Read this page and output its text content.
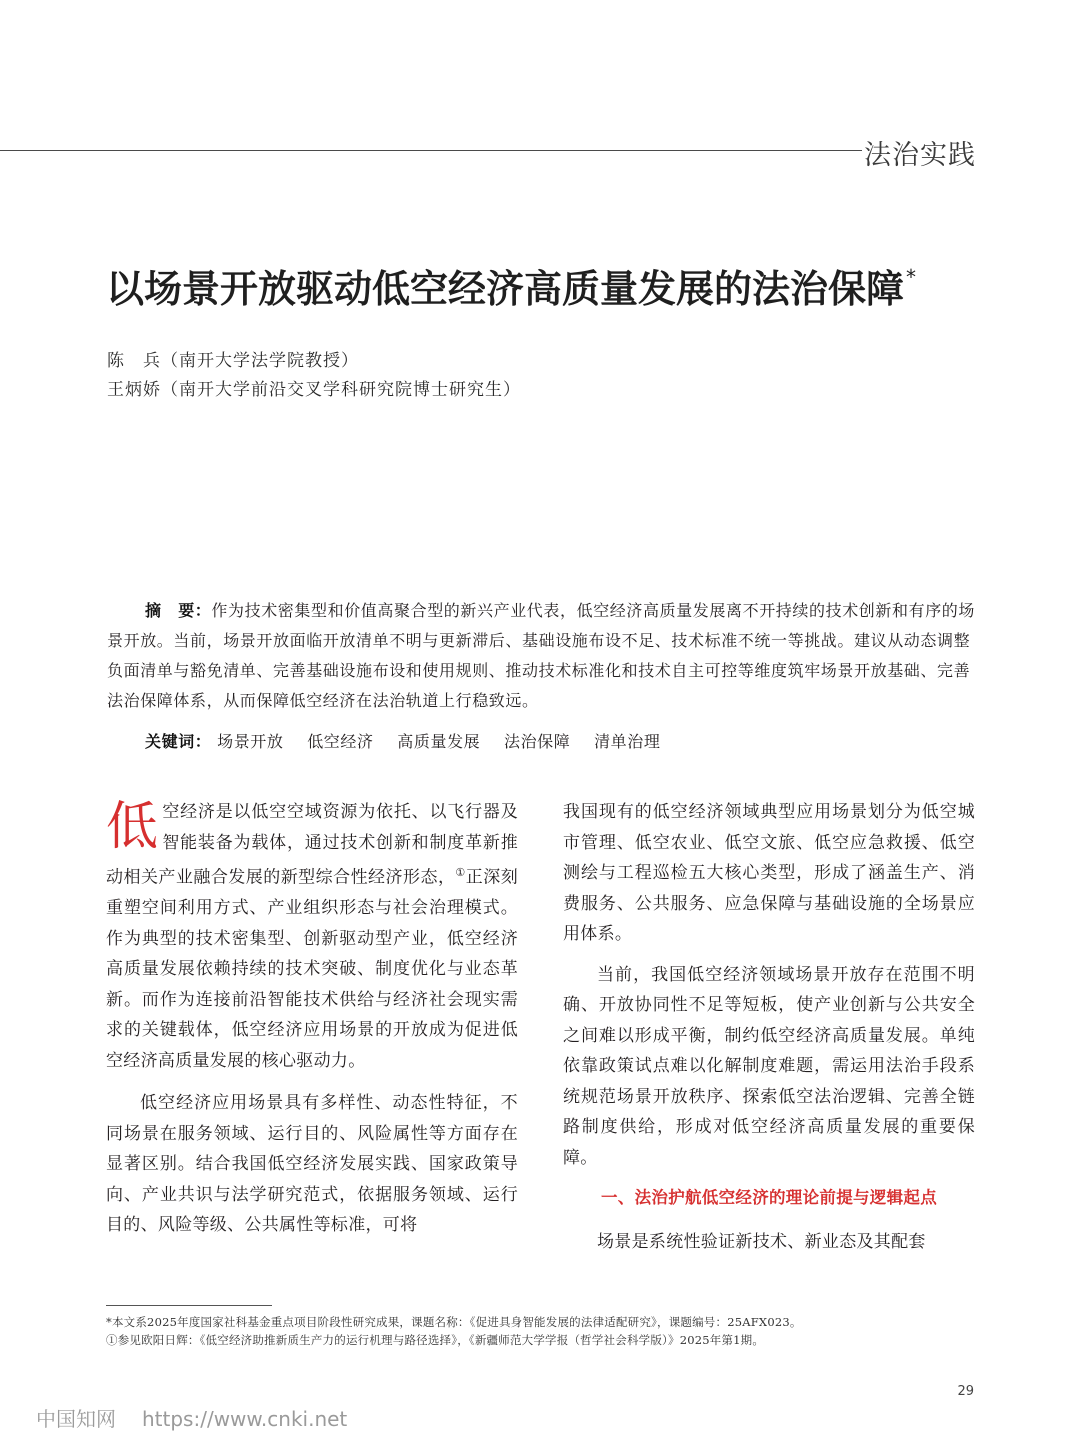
法治实践
以场景开放驱动低空经济高质量发展的法治保障 *
陈　兵（南开大学法学院教授）
王炳娇（南开大学前沿交叉学科研究院博士研究生）
摘　要：作为技术密集型和价值高聚合型的新兴产业代表，低空经济高质量发展离不开持续的技术创新和有序的场景开放。当前，场景开放面临开放清单不明与更新滞后、基础设施布设不足、技术标准不统一等挑战。建议从动态调整负面清单与豁免清单、完善基础设施布设和使用规则、推动技术标准化和技术自主可控等维度筑牢场景开放基础、完善法治保障体系，从而保障低空经济在法治轨道上行稳致远。
关键词： 场景开放 低空经济 高质量发展 法治保障 清单治理

低空经济是以低空空域资源为依托、以飞行器及智能装备为载体，通过技术创新和制度革新推动相关产业融合发展的新型综合性经济形态，①正深刻重塑空间利用方式、产业组织形态与社会治理模式。作为典型的技术密集型、创新驱动型产业，低空经济高质量发展依赖持续的技术突破、制度优化与业态革新。而作为连接前沿智能技术供给与经济社会现实需求的关键载体，低空经济应用场景的开放成为促进低空经济高质量发展的核心驱动力。

低空经济应用场景具有多样性、动态性特征，不同场景在服务领域、运行目的、风险属性等方面存在显著区别。结合我国低空经济发展实践、国家政策导向、产业共识与法学研究范式，依据服务领域、运行目的、风险等级、公共属性等标准，可将

我国现有的低空经济领域典型应用场景划分为低空城市管理、低空农业、低空文旅、低空应急救援、低空测绘与工程巡检五大核心类型，形成了涵盖生产、消费服务、公共服务、应急保障与基础设施的全场景应用体系。

当前，我国低空经济领域场景开放存在范围不明确、开放协同性不足等短板，使产业创新与公共安全之间难以形成平衡，制约低空经济高质量发展。单纯依靠政策试点难以化解制度难题，需运用法治手段系统规范场景开放秩序、探索低空法治逻辑、完善全链路制度供给，形成对低空经济高质量发展的重要保障。

一、法治护航低空经济的理论前提与逻辑起点

场景是系统性验证新技术、新业态及其配套

*本文系2025年度国家社科基金重点项目阶段性研究成果，课题名称：《促进具身智能发展的法律适配研究》，课题编号：25AFX023。
①参见欧阳日辉：《低空经济助推新质生产力的运行机理与路径选择》，《新疆师范大学学报（哲学社会科学版）》2025年第1期。
29
中国知网 https://www.cnki.net
